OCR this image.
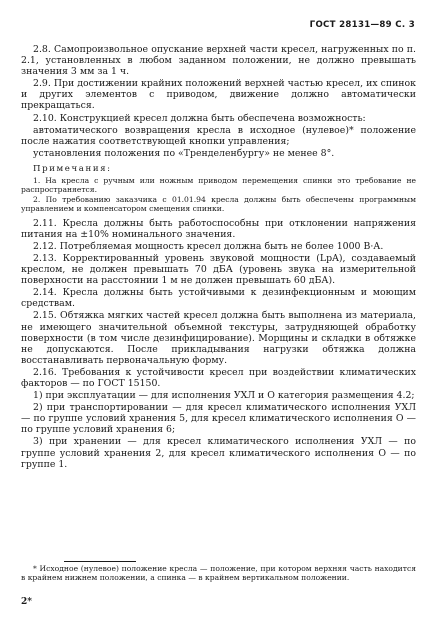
ГОСТ 28131—89 С. 3

2.8. Самопроизвольное опускание верхней части кресел, нагруженных по п. 2.1, установленных в любом заданном положении, не должно превышать значения 3 мм за 1 ч.

2.9. При достижении крайних положений верхней частью кресел, их спинок и других элементов с приводом, движение должно автоматически прекращаться.

2.10. Конструкцией кресел должна быть обеспечена возможность:

автоматического возвращения кресла в исходное (нулевое)* положение после нажатия соответствующей кнопки управления;

установления положения по «Тренделенбургу» не менее 8°.

Примечания:

1. На кресла с ручным или ножным приводом перемещения спинки это требование не распространяется.

2. По требованию заказчика с 01.01.94 кресла должны быть обеспечены программным управлением и компенсатором смещения спинки.

2.11. Кресла должны быть работоспособны при отклонении напряжения питания на ±10% номинального значения.

2.12. Потребляемая мощность кресел должна быть не более 1000 В·А.

2.13. Корректированный уровень звуковой мощности (LpA), создаваемый креслом, не должен превышать 70 дБА (уровень звука на измерительной поверхности на расстоянии 1 м не должен превышать 60 дБА).

2.14. Кресла должны быть устойчивыми к дезинфекционным и моющим средствам.

2.15. Обтяжка мягких частей кресел должна быть выполнена из материала, не имеющего значительной объемной текстуры, затрудняющей обработку поверхности (в том числе дезинфицирование). Морщины и складки в обтяжке не допускаются. После прикладывания нагрузки обтяжка должна восстанавливать первоначальную форму.

2.16. Требования к устойчивости кресел при воздействии климатических факторов — по ГОСТ 15150.

1) при эксплуатации — для исполнения УХЛ и О категория размещения 4.2;

2) при транспортировании — для кресел климатического исполнения УХЛ — по группе условий хранения 5, для кресел климатического исполнения О — по группе условий хранения 6;

3) при хранении — для кресел климатического исполнения УХЛ — по группе условий хранения 2, для кресел климатического исполнения О — по группе 1.

* Исходное (нулевое) положение кресла — положение, при котором верхняя часть находится в крайнем нижнем положении, а спинка — в крайнем вертикальном положении.

2*
